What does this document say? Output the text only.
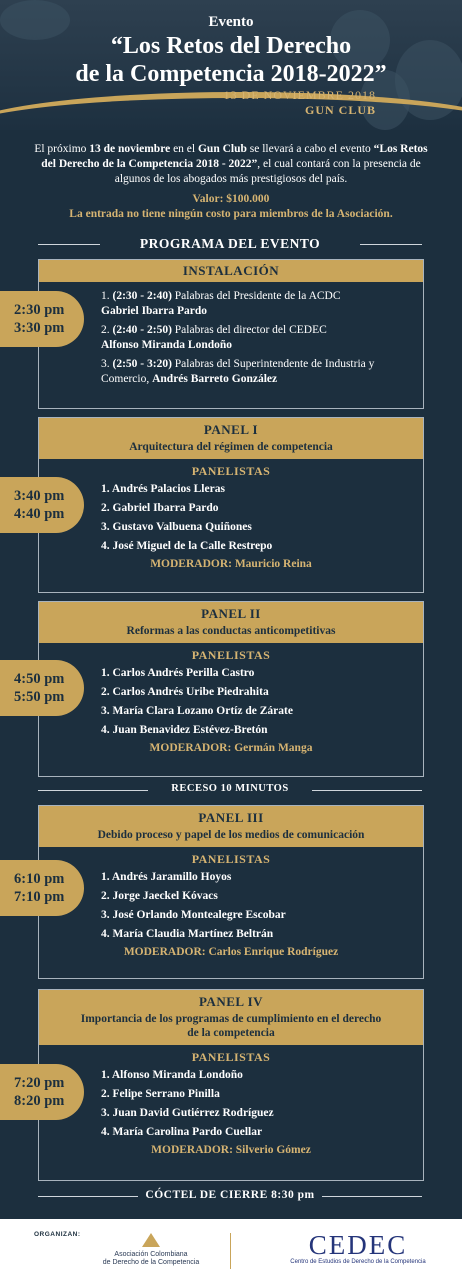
Evento
“Los Retos del Derecho
de la Competencia 2018-2022”
13 DE NOVIEMBRE 2018
GUN CLUB
El próximo 13 de noviembre en el Gun Club se llevará a cabo el evento “Los Retos del Derecho de la Competencia 2018 - 2022”, el cual contará con la presencia de algunos de los abogados más prestigiosos del país.
Valor: $100.000
La entrada no tiene ningún costo para miembros de la Asociación.
PROGRAMA DEL EVENTO
INSTALACIÓN
1. (2:30 - 2:40) Palabras del Presidente de la ACDC
Gabriel Ibarra Pardo
2. (2:40 - 2:50) Palabras del director del CEDEC
Alfonso Miranda Londoño
3. (2:50 - 3:20) Palabras del Superintendente de Industria y Comercio, Andrés Barreto González
2:30 pm
3:30 pm
PANEL I
Arquitectura del régimen de competencia
PANELISTAS
1. Andrés Palacios Lleras
2. Gabriel Ibarra Pardo
3. Gustavo Valbuena Quiñones
4. José Miguel de la Calle Restrepo
MODERADOR: Mauricio Reina
3:40 pm
4:40 pm
PANEL II
Reformas a las conductas anticompetitivas
PANELISTAS
1. Carlos Andrés Perilla Castro
2. Carlos Andrés Uribe Piedrahita
3. María Clara Lozano Ortíz de Zárate
4. Juan Benavidez Estévez-Bretón
MODERADOR: Germán Manga
4:50 pm
5:50 pm
RECESO 10 MINUTOS
PANEL III
Debido proceso y papel de los medios de comunicación
PANELISTAS
1. Andrés Jaramillo Hoyos
2. Jorge Jaeckel Kóvacs
3. José Orlando Montealegre Escobar
4. María Claudia Martínez Beltrán
MODERADOR: Carlos Enrique Rodríguez
6:10 pm
7:10 pm
PANEL IV
Importancia de los programas de cumplimiento en el derecho de la competencia
PANELISTAS
1. Alfonso Miranda Londoño
2. Felipe Serrano Pinilla
3. Juan David Gutiérrez Rodríguez
4. María Carolina Pardo Cuellar
MODERADOR: Silverio Gómez
7:20 pm
8:20 pm
CÓCTEL DE CIERRE 8:30 pm
ORGANIZAN:
Asociación Colombiana
de Derecho de la Competencia
CEDEC
Centro de Estudios de Derecho de la Competencia
